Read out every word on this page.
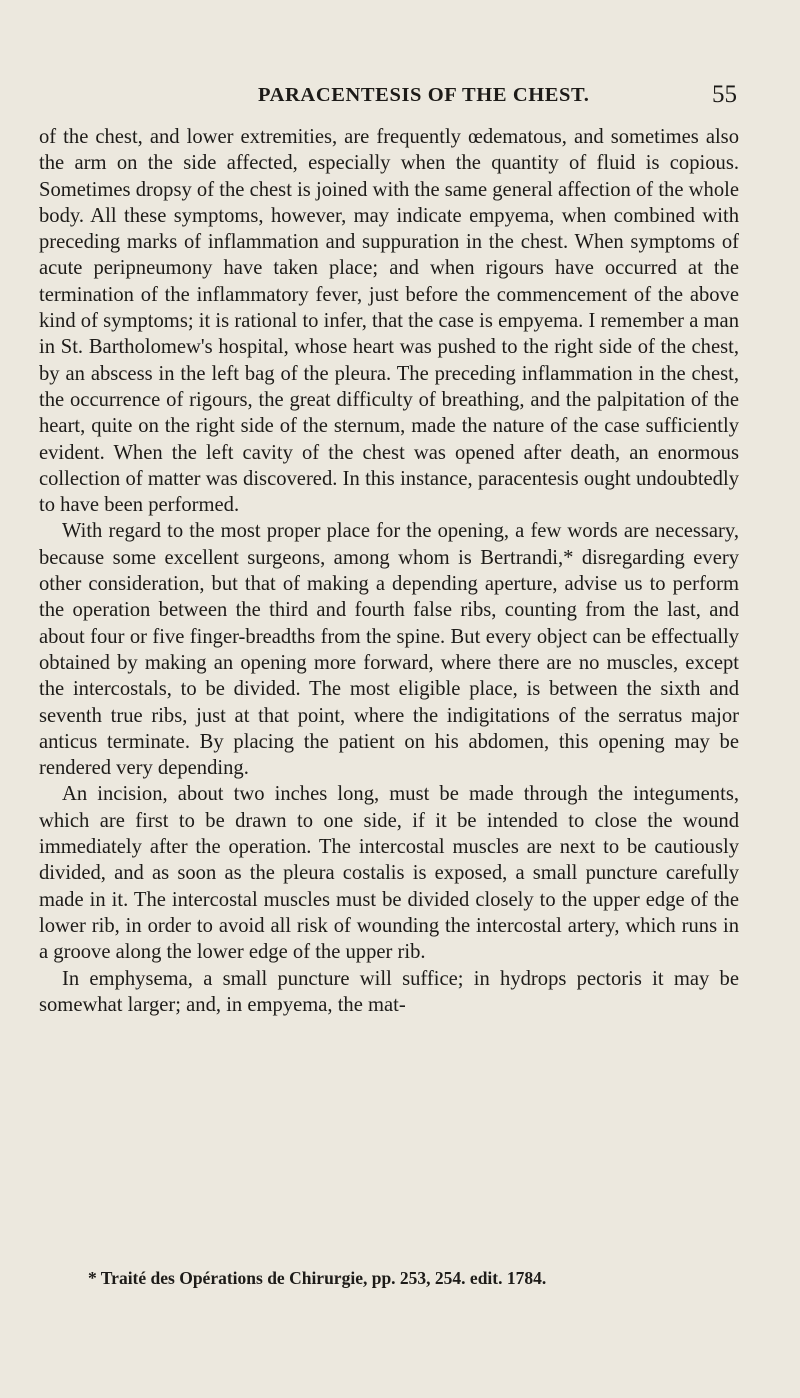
PARACENTESIS OF THE CHEST.	55

of the chest, and lower extremities, are frequently œdematous, and sometimes also the arm on the side affected, especially when the quantity of fluid is copious. Sometimes dropsy of the chest is joined with the same general affection of the whole body. All these symptoms, however, may indicate empyema, when combined with preceding marks of inflammation and suppuration in the chest. When symptoms of acute peripneumony have taken place; and when rigours have occurred at the termination of the inflammatory fever, just before the commencement of the above kind of symptoms; it is rational to infer, that the case is empyema. I remember a man in St. Bartholomew's hospital, whose heart was pushed to the right side of the chest, by an abscess in the left bag of the pleura. The preceding inflammation in the chest, the occurrence of rigours, the great difficulty of breathing, and the palpitation of the heart, quite on the right side of the sternum, made the nature of the case sufficiently evident. When the left cavity of the chest was opened after death, an enormous collection of matter was discovered. In this instance, paracentesis ought undoubtedly to have been performed.

With regard to the most proper place for the opening, a few words are necessary, because some excellent surgeons, among whom is Bertrandi,* disregarding every other consideration, but that of making a depending aperture, advise us to perform the operation between the third and fourth false ribs, counting from the last, and about four or five finger-breadths from the spine. But every object can be effectually obtained by making an opening more forward, where there are no muscles, except the intercostals, to be divided. The most eligible place, is between the sixth and seventh true ribs, just at that point, where the indigitations of the serratus major anticus terminate. By placing the patient on his abdomen, this opening may be rendered very depending.

An incision, about two inches long, must be made through the integuments, which are first to be drawn to one side, if it be intended to close the wound immediately after the operation. The intercostal muscles are next to be cautiously divided, and as soon as the pleura costalis is exposed, a small puncture carefully made in it. The intercostal muscles must be divided closely to the upper edge of the lower rib, in order to avoid all risk of wounding the intercostal artery, which runs in a groove along the lower edge of the upper rib.

In emphysema, a small puncture will suffice; in hydrops pectoris it may be somewhat larger; and, in empyema, the mat-

* Traité des Opérations de Chirurgie, pp. 253, 254. edit. 1784.
